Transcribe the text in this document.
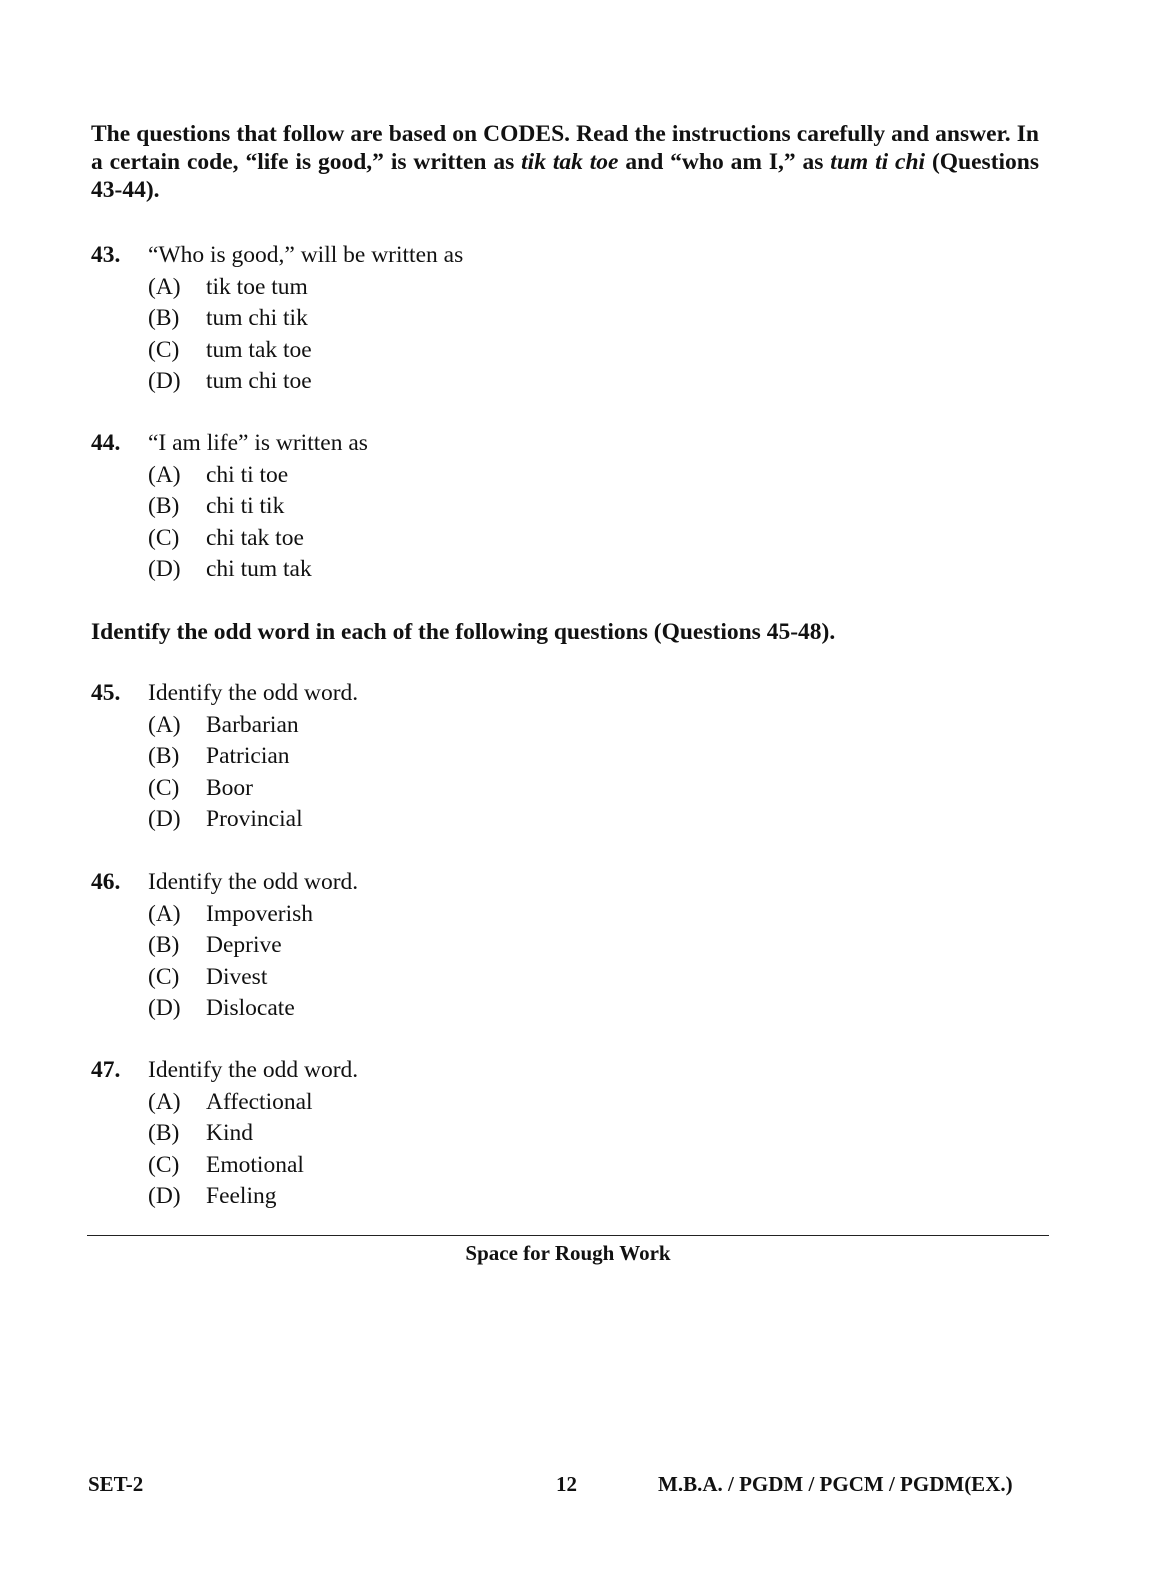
The questions that follow are based on CODES. Read the instructions carefully and answer. In a certain code, “life is good,” is written as tik tak toe and “who am I,” as tum ti chi (Questions 43-44).
43. “Who is good,” will be written as
(A) tik toe tum
(B) tum chi tik
(C) tum tak toe
(D) tum chi toe
44. “I am life” is written as
(A) chi ti toe
(B) chi ti tik
(C) chi tak toe
(D) chi tum tak
Identify the odd word in each of the following questions (Questions 45-48).
45. Identify the odd word.
(A) Barbarian
(B) Patrician
(C) Boor
(D) Provincial
46. Identify the odd word.
(A) Impoverish
(B) Deprive
(C) Divest
(D) Dislocate
47. Identify the odd word.
(A) Affectional
(B) Kind
(C) Emotional
(D) Feeling
Space for Rough Work
SET-2	12	M.B.A. / PGDM / PGCM / PGDM(EX.)
